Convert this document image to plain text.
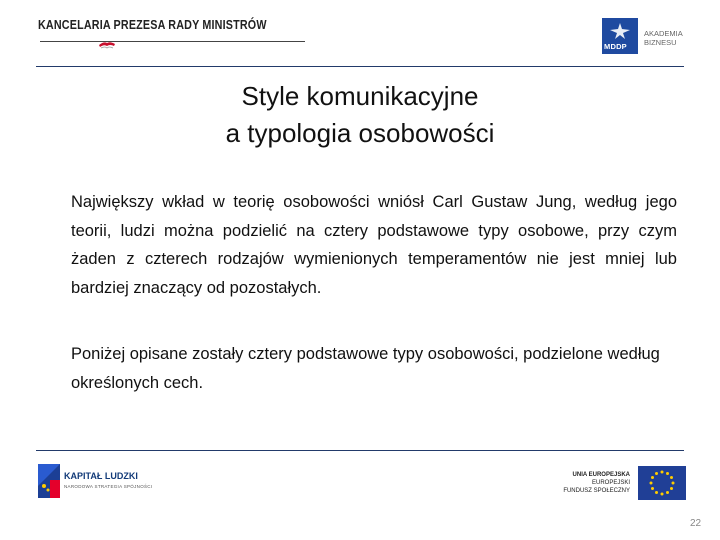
KANCELARIA PREZESA RADY MINISTRÓW
MDDP
AKADEMIA
BIZNESU
Style komunikacyjne
a typologia osobowości
Największy wkład w teorię osobowości wniósł Carl Gustaw Jung, według jego teorii, ludzi można podzielić na cztery podstawowe typy osobowe, przy czym żaden z czterech rodzajów wymienionych temperamentów nie jest mniej lub bardziej znaczący od pozostałych.
Poniżej opisane zostały cztery podstawowe typy osobowości, podzielone według określonych cech.
KAPITAŁ LUDZKI
NARODOWA STRATEGIA SPÓJNOŚCI
UNIA EUROPEJSKA
EUROPEJSKI
FUNDUSZ SPOŁECZNY
22
